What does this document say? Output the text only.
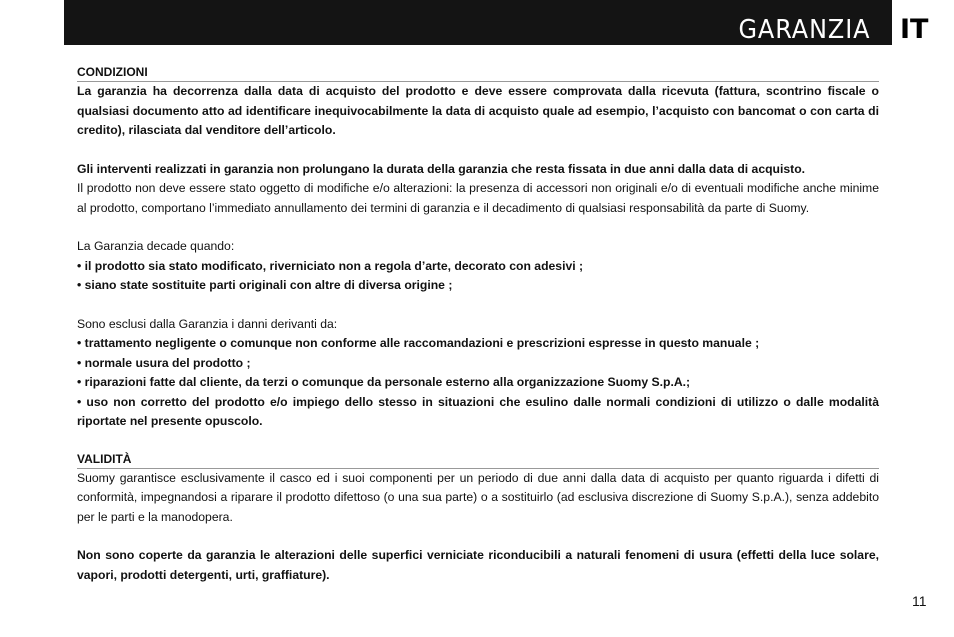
GARANZIA IT
CONDIZIONI

La garanzia ha decorrenza dalla data di acquisto del prodotto e deve essere comprovata dalla ricevuta (fattura, scontrino fiscale o qualsiasi documento atto ad identificare inequivocabilmente la data di acquisto quale ad esempio, l’acquisto con bancomat o con carta di credito), rilasciata dal venditore dell’articolo.

Gli interventi realizzati in garanzia non prolungano la durata della garanzia che resta fissata in due anni dalla data di acquisto.

Il prodotto non deve essere stato oggetto di modifiche e/o alterazioni: la presenza di accessori non originali e/o di eventuali modifiche anche minime al prodotto, comportano l’immediato annullamento dei termini di garanzia e il decadimento di qualsiasi responsabilità da parte di Suomy.

La Garanzia decade quando:

• il prodotto sia stato modificato, riverniciato non a regola d’arte, decorato con adesivi ;

• siano state sostituite parti originali con altre di diversa origine ;

Sono esclusi dalla Garanzia i danni derivanti da:

• trattamento negligente o comunque non conforme alle raccomandazioni e prescrizioni espresse in questo manuale ;

• normale usura del prodotto ;

• riparazioni fatte dal cliente, da terzi o comunque da personale esterno alla organizzazione Suomy S.p.A.;

• uso non corretto del prodotto e/o impiego dello stesso in situazioni che esulino dalle normali condizioni di utilizzo o dalle modalità riportate nel presente opuscolo.

VALIDITÀ

Suomy garantisce esclusivamente il casco ed i suoi componenti per un periodo di due anni dalla data di acquisto per quanto riguarda i difetti di conformità, impegnandosi a riparare il prodotto difettoso (o una sua parte) o a sostituirlo (ad esclusiva discrezione di Suomy S.p.A.), senza addebito per le parti e la manodopera.

Non sono coperte da garanzia le alterazioni delle superfici verniciate riconducibili a naturali fenomeni di usura (effetti della luce solare, vapori, prodotti detergenti, urti, graffiature).

11
